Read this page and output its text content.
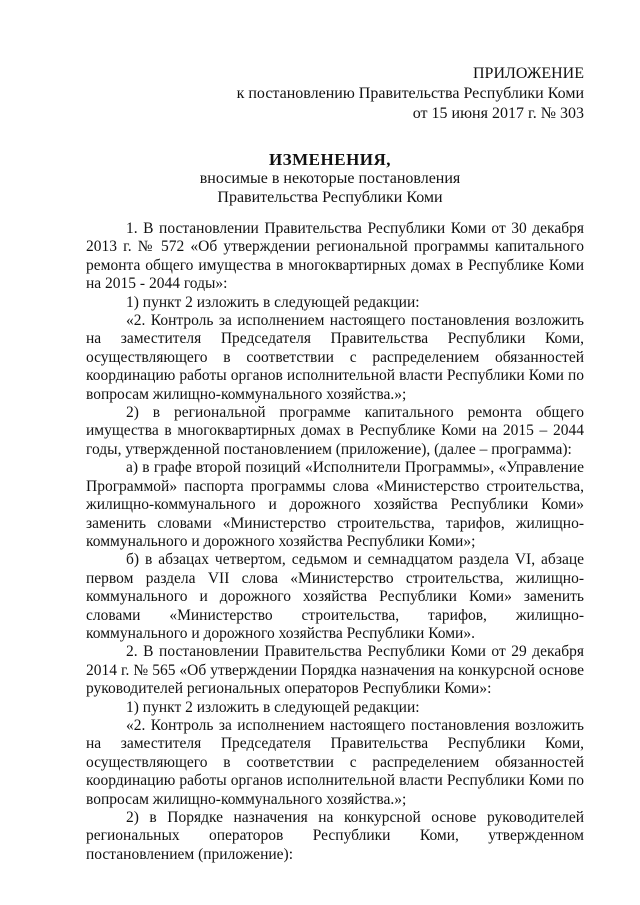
ПРИЛОЖЕНИЕ
к постановлению Правительства Республики Коми
от 15 июня 2017 г. № 303
ИЗМЕНЕНИЯ,
вносимые в некоторые постановления
Правительства Республики Коми

1. В постановлении Правительства Республики Коми от 30 декабря 2013 г. № 572 «Об утверждении региональной программы капитального ремонта общего имущества в многоквартирных домах в Республике Коми на 2015 - 2044 годы»:

1) пункт 2 изложить в следующей редакции:

«2. Контроль за исполнением настоящего постановления возложить на заместителя Председателя Правительства Республики Коми, осуществляющего в соответствии с распределением обязанностей координацию работы органов исполнительной власти Республики Коми по вопросам жилищно-коммунального хозяйства.»;

2) в региональной программе капитального ремонта общего имущества в многоквартирных домах в Республике Коми на 2015 – 2044 годы, утвержденной постановлением (приложение), (далее – программа):

а) в графе второй позиций «Исполнители Программы», «Управление Программой» паспорта программы слова «Министерство строительства, жилищно-коммунального и дорожного хозяйства Республики Коми» заменить словами «Министерство строительства, тарифов, жилищно-коммунального и дорожного хозяйства Республики Коми»;

б) в абзацах четвертом, седьмом и семнадцатом раздела VI, абзаце первом раздела VII слова «Министерство строительства, жилищно-коммунального и дорожного хозяйства Республики Коми» заменить словами «Министерство строительства, тарифов, жилищно-коммунального и дорожного хозяйства Республики Коми».

2. В постановлении Правительства Республики Коми от 29 декабря 2014 г. № 565 «Об утверждении Порядка назначения на конкурсной основе руководителей региональных операторов Республики Коми»:

1) пункт 2 изложить в следующей редакции:

«2. Контроль за исполнением настоящего постановления возложить на заместителя Председателя Правительства Республики Коми, осуществляющего в соответствии с распределением обязанностей координацию работы органов исполнительной власти Республики Коми по вопросам жилищно-коммунального хозяйства.»;

2) в Порядке назначения на конкурсной основе руководителей региональных операторов Республики Коми, утвержденном постановлением (приложение):
